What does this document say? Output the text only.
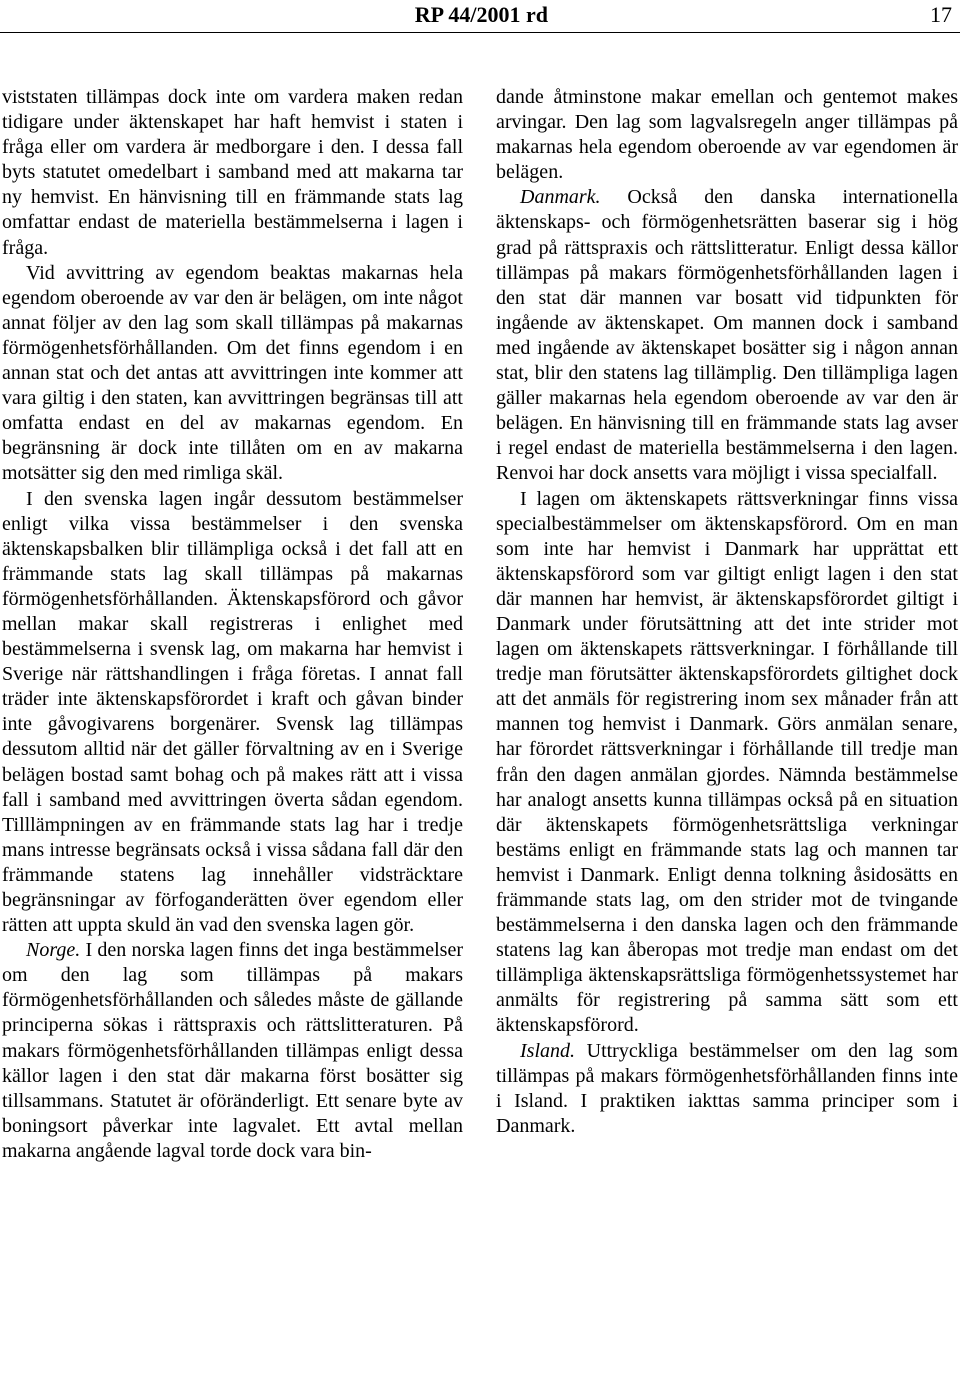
RP 44/2001 rd	17

viststaten tillämpas dock inte om vardera maken redan tidigare under äktenskapet har haft hemvist i staten i fråga eller om vardera är medborgare i den. I dessa fall byts statutet omedelbart i samband med att makarna tar ny hemvist. En hänvisning till en främmande stats lag omfattar endast de materiella bestämmelserna i lagen i fråga.

Vid avvittring av egendom beaktas makarnas hela egendom oberoende av var den är belägen, om inte något annat följer av den lag som skall tillämpas på makarnas förmögenhetsförhållanden. Om det finns egendom i en annan stat och det antas att avvittringen inte kommer att vara giltig i den staten, kan avvittringen begränsas till att omfatta endast en del av makarnas egendom. En begränsning är dock inte tillåten om en av makarna motsätter sig den med rimliga skäl.

I den svenska lagen ingår dessutom bestämmelser enligt vilka vissa bestämmelser i den svenska äktenskapsbalken blir tillämpliga också i det fall att en främmande stats lag skall tillämpas på makarnas förmögenhetsförhållanden. Äktenskapsförord och gåvor mellan makar skall registreras i enlighet med bestämmelserna i svensk lag, om makarna har hemvist i Sverige när rättshandlingen i fråga företas. I annat fall träder inte äktenskapsförordet i kraft och gåvan binder inte gåvogivarens borgenärer. Svensk lag tillämpas dessutom alltid när det gäller förvaltning av en i Sverige belägen bostad samt bohag och på makes rätt att i vissa fall i samband med avvittringen överta sådan egendom. Tilllämpningen av en främmande stats lag har i tredje mans intresse begränsats också i vissa sådana fall där den främmande statens lag innehåller vidsträcktare begränsningar av förfoganderätten över egendom eller rätten att uppta skuld än vad den svenska lagen gör.

Norge. I den norska lagen finns det inga bestämmelser om den lag som tillämpas på makars förmögenhetsförhållanden och således måste de gällande principerna sökas i rättspraxis och rättslitteraturen. På makars förmögenhetsförhållanden tillämpas enligt dessa källor lagen i den stat där makarna först bosätter sig tillsammans. Statutet är oföränderligt. Ett senare byte av boningsort påverkar inte lagvalet. Ett avtal mellan makarna angående lagval torde dock vara bin-

dande åtminstone makar emellan och gentemot makes arvingar. Den lag som lagvalsregeln anger tillämpas på makarnas hela egendom oberoende av var egendomen är belägen.

Danmark. Också den danska internationella äktenskaps- och förmögenhetsrätten baserar sig i hög grad på rättspraxis och rättslitteratur. Enligt dessa källor tillämpas på makars förmögenhetsförhållanden lagen i den stat där mannen var bosatt vid tidpunkten för ingående av äktenskapet. Om mannen dock i samband med ingående av äktenskapet bosätter sig i någon annan stat, blir den statens lag tillämplig. Den tillämpliga lagen gäller makarnas hela egendom oberoende av var den är belägen. En hänvisning till en främmande stats lag avser i regel endast de materiella bestämmelserna i den lagen. Renvoi har dock ansetts vara möjligt i vissa specialfall.

I lagen om äktenskapets rättsverkningar finns vissa specialbestämmelser om äktenskapsförord. Om en man som inte har hemvist i Danmark har upprättat ett äktenskapsförord som var giltigt enligt lagen i den stat där mannen har hemvist, är äktenskapsförordet giltigt i Danmark under förutsättning att det inte strider mot lagen om äktenskapets rättsverkningar. I förhållande till tredje man förutsätter äktenskapsförordets giltighet dock att det anmäls för registrering inom sex månader från att mannen tog hemvist i Danmark. Görs anmälan senare, har förordet rättsverkningar i förhållande till tredje man från den dagen anmälan gjordes. Nämnda bestämmelse har analogt ansetts kunna tillämpas också på en situation där äktenskapets förmögenhetsrättsliga verkningar bestäms enligt en främmande stats lag och mannen tar hemvist i Danmark. Enligt denna tolkning åsidosätts en främmande stats lag, om den strider mot de tvingande bestämmelserna i den danska lagen och den främmande statens lag kan åberopas mot tredje man endast om det tillämpliga äktenskapsrättsliga förmögenhetssystemet har anmälts för registrering på samma sätt som ett äktenskapsförord.

Island. Uttryckliga bestämmelser om den lag som tillämpas på makars förmögenhetsförhållanden finns inte i Island. I praktiken iakttas samma principer som i Danmark.
